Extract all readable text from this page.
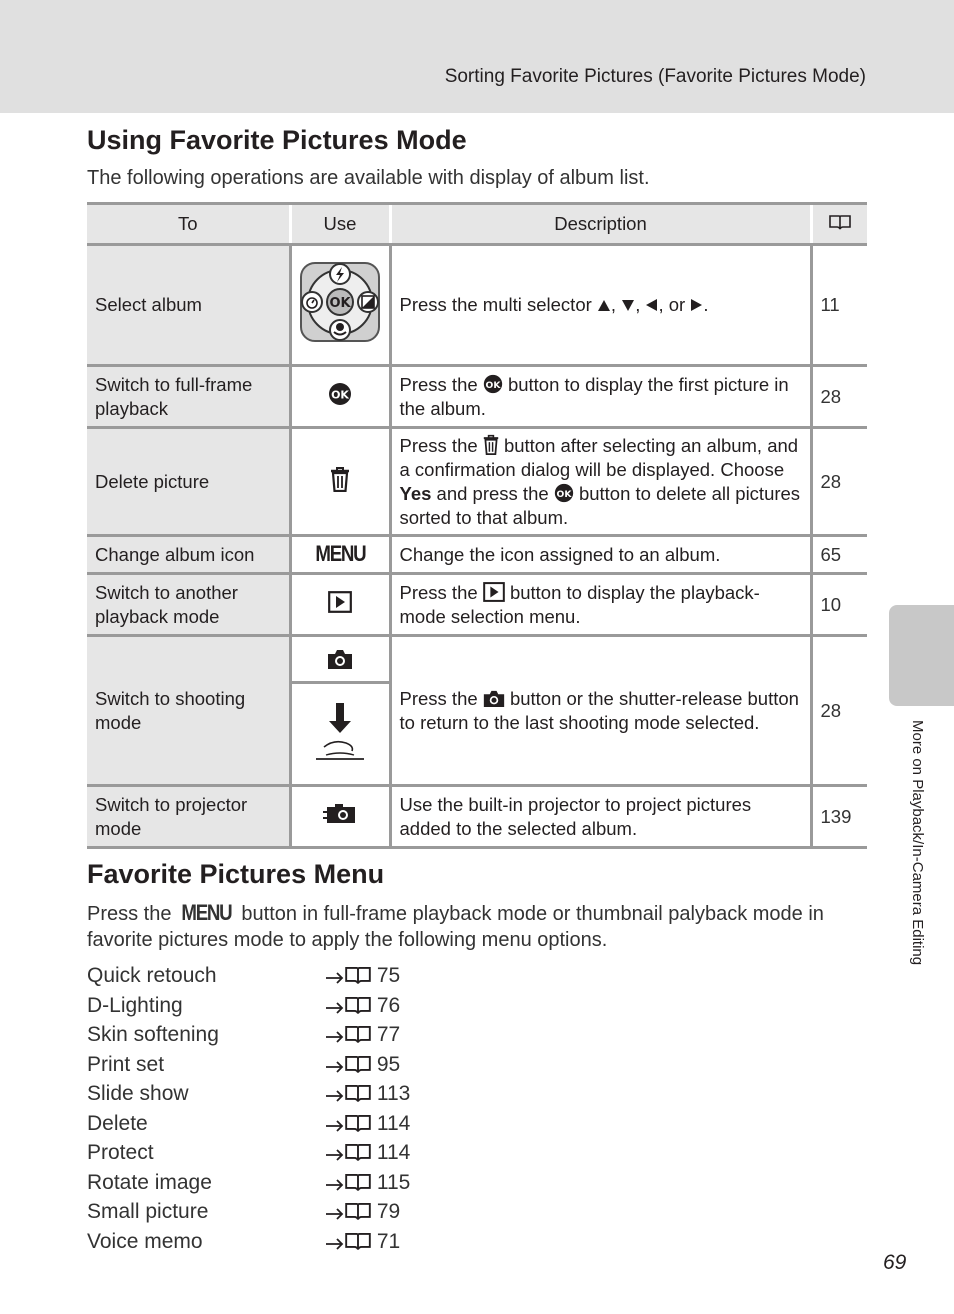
Sorting Favorite Pictures (Favorite Pictures Mode)
Using Favorite Pictures Mode
The following operations are available with display of album list.
To	Use	Description	
Select album	OK	Press the multi selector , , , or .	11
Switch to full-frame playback	OK	Press the OK button to display the first picture in the album.	28
Delete picture		Press the button after selecting an album, and a confirmation dialog will be displayed. Choose Yes and press the OK button to delete all pictures sorted to that album.	28
Change album icon	MENU	Change the icon assigned to an album.	65
Switch to another playback mode		Press the button to display the playback-mode selection menu.	10
Switch to shooting mode		Press the button or the shutter-release button to return to the last shooting mode selected.	28
Switch to projector mode		Use the built-in projector to project pictures added to the selected album.	139
Favorite Pictures Menu
Press the MENU button in full-frame playback mode or thumbnail palyback mode in favorite pictures mode to apply the following menu options.
Quick retouch	75
D-Lighting	76
Skin softening	77
Print set	95
Slide show	113
Delete	114
Protect	114
Rotate image	115
Small picture	79
Voice memo	71
More on Playback/In-Camera Editing
69
